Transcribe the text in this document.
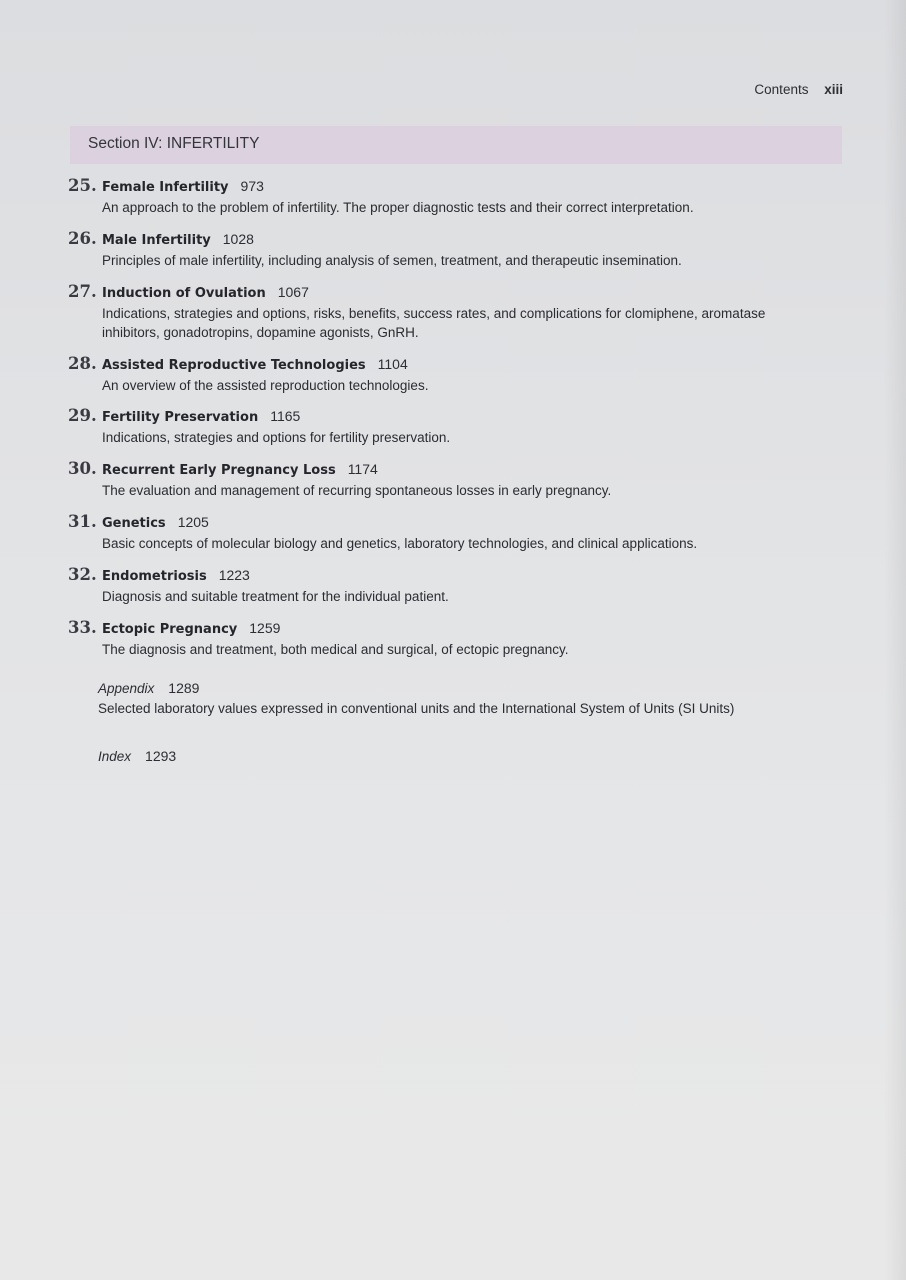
Contents xiii
Section IV: INFERTILITY
25. Female Infertility 973
An approach to the problem of infertility. The proper diagnostic tests and their correct interpretation.
26. Male Infertility 1028
Principles of male infertility, including analysis of semen, treatment, and therapeutic insemination.
27. Induction of Ovulation 1067
Indications, strategies and options, risks, benefits, success rates, and complications for clomiphene, aromatase inhibitors, gonadotropins, dopamine agonists, GnRH.
28. Assisted Reproductive Technologies 1104
An overview of the assisted reproduction technologies.
29. Fertility Preservation 1165
Indications, strategies and options for fertility preservation.
30. Recurrent Early Pregnancy Loss 1174
The evaluation and management of recurring spontaneous losses in early pregnancy.
31. Genetics 1205
Basic concepts of molecular biology and genetics, laboratory technologies, and clinical applications.
32. Endometriosis 1223
Diagnosis and suitable treatment for the individual patient.
33. Ectopic Pregnancy 1259
The diagnosis and treatment, both medical and surgical, of ectopic pregnancy.
Appendix 1289
Selected laboratory values expressed in conventional units and the International System of Units (SI Units)
Index 1293
